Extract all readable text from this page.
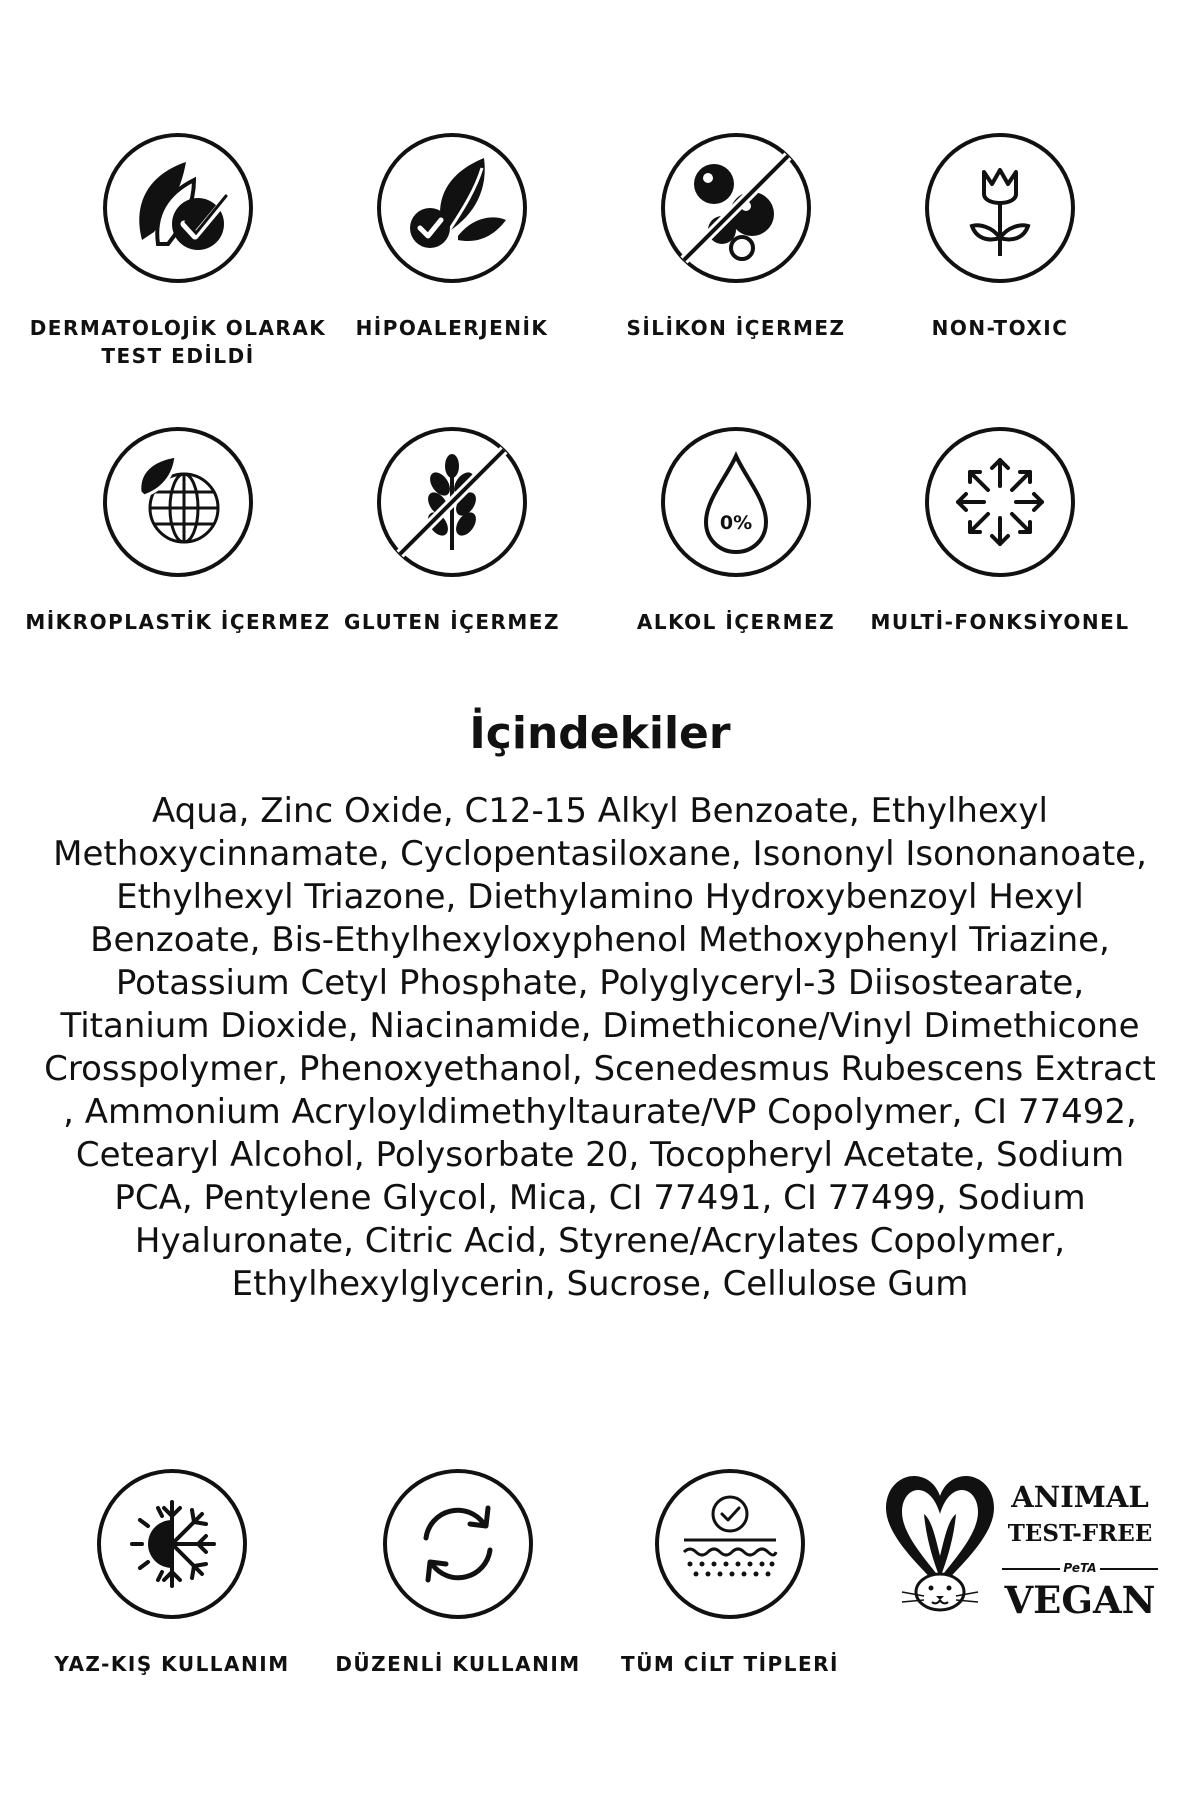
DERMATOLOJİK OLARAK TEST EDİLDİ
HİPOALERJENİK	SİLİKON İÇERMEZ	NON-TOXIC
MİKROPLASTİK İÇERMEZ GLUTEN İÇERMEZ
0%
ALKOL İÇERMEZ	MULTİ-FONKSİYONEL
İçindekiler

Aqua, Zinc Oxide, C12-15 Alkyl Benzoate, Ethylhexyl Methoxycinnamate, Cyclopentasiloxane, Isononyl Isononanoate, Ethylhexyl Triazone, Diethylamino Hydroxybenzoyl Hexyl Benzoate, Bis-Ethylhexyloxyphenol Methoxyphenyl Triazine, Potassium Cetyl Phosphate, Polyglyceryl-3 Diisostearate, Titanium Dioxide, Niacinamide, Dimethicone/Vinyl Dimethicone Crosspolymer, Phenoxyethanol, Scenedesmus Rubescens Extract , Ammonium Acryloyldimethyltaurate/VP Copolymer, CI 77492, Cetearyl Alcohol, Polysorbate 20, Tocopheryl Acetate, Sodium PCA, Pentylene Glycol, Mica, CI 77491, CI 77499, Sodium Hyaluronate, Citric Acid, Styrene/Acrylates Copolymer, Ethylhexylglycerin, Sucrose, Cellulose Gum

YAZ-KIŞ KULLANIM	DÜZENLİ KULLANIM	TÜM CİLT TİPLERİ
ANIMAL
TEST-FREE
PeTA
VEGAN
